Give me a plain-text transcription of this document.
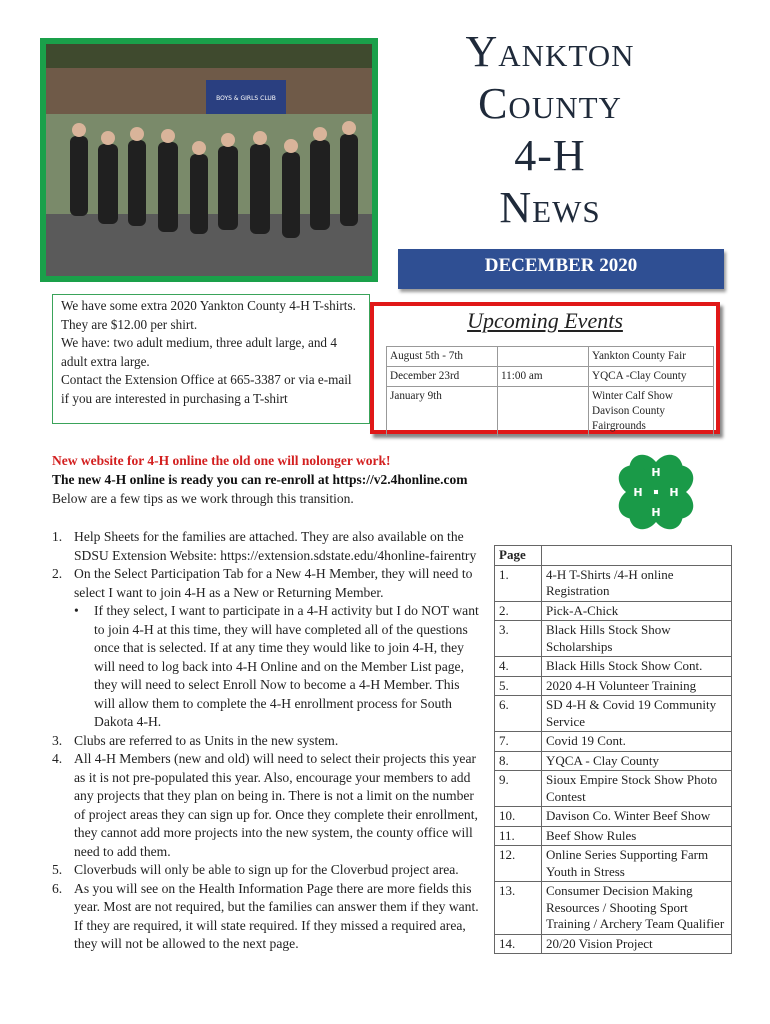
BOYS & GIRLS CLUB
Yankton
County
4-H
News
DECEMBER 2020
We have some extra 2020 Yankton County 4-H T-shirts.
They are $12.00 per shirt.
We have: two adult medium, three adult large, and 4 adult extra large.
Contact the Extension Office at 665-3387 or via e-mail if you are interested in purchasing a T-shirt
Upcoming Events
August 5th - 7th		Yankton County Fair
December 23rd	11:00 am	YQCA -Clay County
January 9th		Winter Calf Show Davison County Fairgrounds
New website for 4-H online the old one will nolonger work!
The new 4-H online is ready you can re-enroll at https://v2.4honline.com
Below are a few tips as we work through this transition.
H
H
H
H
1. Help Sheets for the families are attached. They are also available on the SDSU Extension Website: https://extension.sdstate.edu/4honline-fairentry
2. On the Select Participation Tab for a New 4-H Member, they will need to select I want to join 4-H as a New or Returning Member.
• If they select, I want to participate in a 4-H activity but I do NOT want to join 4-H at this time, they will have completed all of the questions once that is selected. If at any time they would like to join 4-H, they will need to log back into 4-H Online and on the Member List page, they will need to select Enroll Now to become a 4-H Member. This will allow them to complete the 4-H enrollment process for South Dakota 4-H.
3. Clubs are referred to as Units in the new system.
4. All 4-H Members (new and old) will need to select their projects this year as it is not pre-populated this year. Also, encourage your members to add any projects that they plan on being in. There is not a limit on the number of project areas they can sign up for. Once they complete their enrollment, they cannot add more projects into the new system, the county office will need to add them.
5. Cloverbuds will only be able to sign up for the Cloverbud project area.
6. As you will see on the Health Information Page there are more fields this year. Most are not required, but the families can answer them if they want. If they are required, it will state required. If they missed a required area, they will not be allowed to the next page.
Page	
1.	4-H T-Shirts /4-H online Registration
2.	Pick-A-Chick
3.	Black Hills Stock Show Scholarships
4.	Black Hills Stock Show Cont.
5.	2020 4-H Volunteer Training
6.	SD 4-H & Covid 19 Community Service
7.	Covid 19 Cont.
8.	YQCA - Clay County
9.	Sioux Empire Stock Show Photo Contest
10.	Davison Co. Winter Beef Show
11.	Beef Show Rules
12.	Online Series Supporting Farm Youth in Stress
13.	Consumer Decision Making Resources / Shooting Sport Training / Archery Team Qualifier
14.	20/20 Vision Project
